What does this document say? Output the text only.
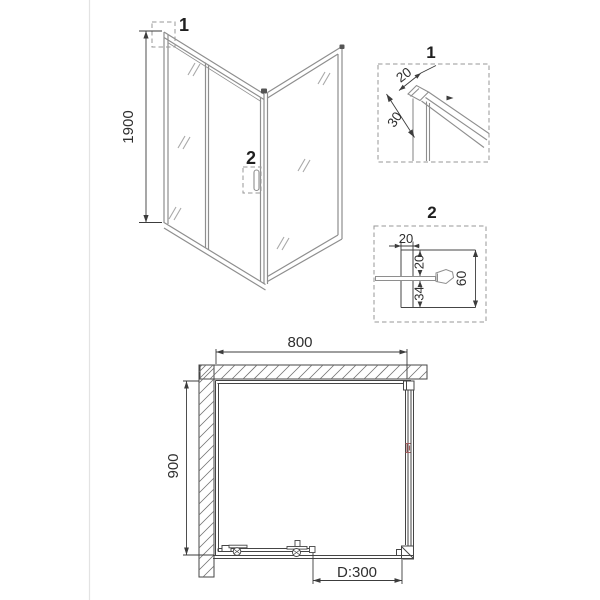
1
2
1900
1
20
30
2
20
20
34
60
800
900
D:300
